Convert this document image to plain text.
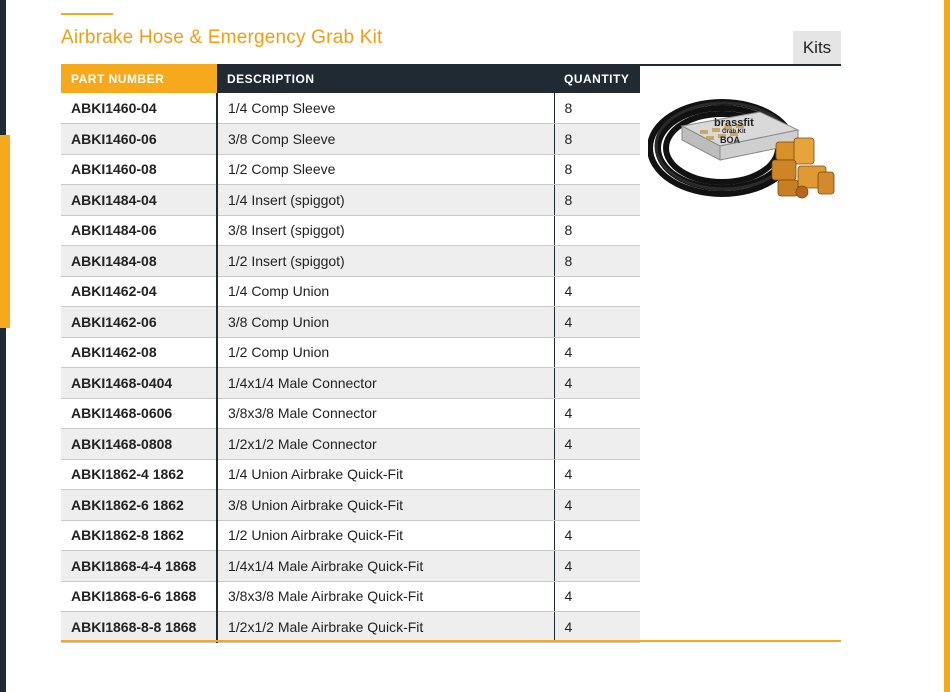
Airbrake Hose & Emergency Grab Kit	Kits
PART NUMBER	DESCRIPTION	QUANTITY
ABKI1460-04	1/4 Comp Sleeve	8
ABKI1460-06	3/8 Comp Sleeve	8
ABKI1460-08	1/2 Comp Sleeve	8
ABKI1484-04	1/4 Insert (spiggot)	8
ABKI1484-06	3/8 Insert (spiggot)	8
ABKI1484-08	1/2 Insert (spiggot)	8
ABKI1462-04	1/4 Comp Union	4
ABKI1462-06	3/8 Comp Union	4
ABKI1462-08	1/2 Comp Union	4
ABKI1468-0404	1/4x1/4 Male Connector	4
ABKI1468-0606	3/8x3/8 Male Connector	4
ABKI1468-0808	1/2x1/2 Male Connector	4
ABKI1862-4 1862	1/4 Union Airbrake Quick-Fit	4
ABKI1862-6 1862	3/8 Union Airbrake Quick-Fit	4
ABKI1862-8 1862	1/2 Union Airbrake Quick-Fit	4
ABKI1868-4-4 1868	1/4x1/4 Male Airbrake Quick-Fit	4
ABKI1868-6-6 1868	3/8x3/8 Male Airbrake Quick-Fit	4
ABKI1868-8-8 1868	1/2x1/2 Male Airbrake Quick-Fit	4
brassfit
Grab Kit
BOA
